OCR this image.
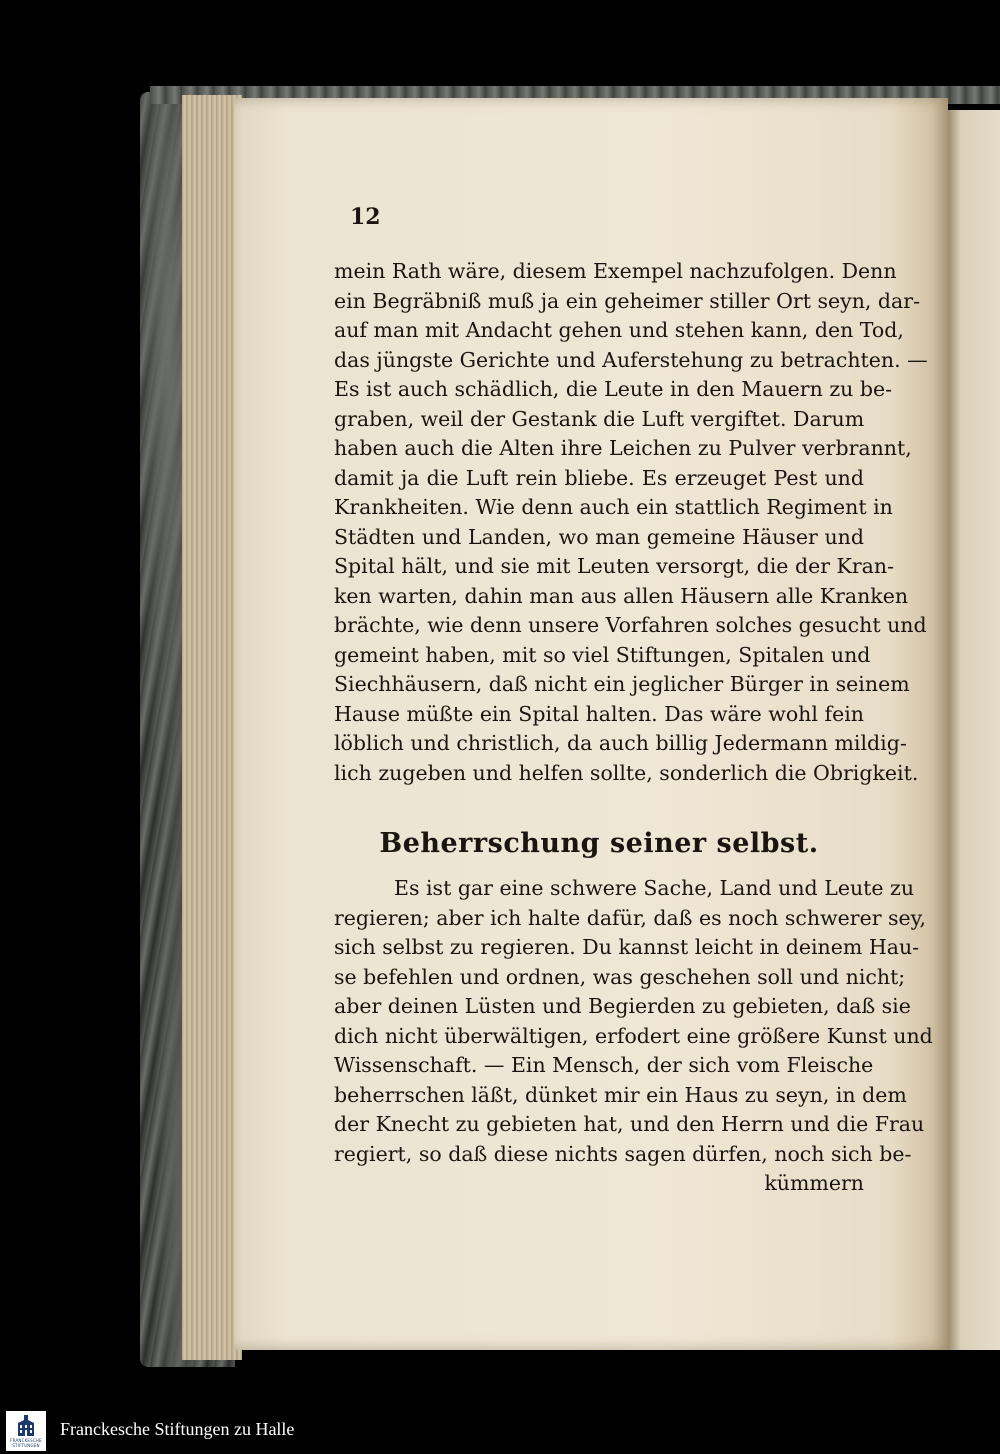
12
mein Rath wäre, diesem Exempel nachzufolgen. Denn
ein Begräbniß muß ja ein geheimer stiller Ort seyn, dar-
auf man mit Andacht gehen und stehen kann, den Tod,
das jüngste Gerichte und Auferstehung zu betrachten. —
Es ist auch schädlich, die Leute in den Mauern zu be-
graben, weil der Gestank die Luft vergiftet. Darum
haben auch die Alten ihre Leichen zu Pulver verbrannt,
damit ja die Luft rein bliebe. Es erzeuget Pest und
Krankheiten. Wie denn auch ein stattlich Regiment in
Städten und Landen, wo man gemeine Häuser und
Spital hält, und sie mit Leuten versorgt, die der Kran-
ken warten, dahin man aus allen Häusern alle Kranken
brächte, wie denn unsere Vorfahren solches gesucht und
gemeint haben, mit so viel Stiftungen, Spitalen und
Siechhäusern, daß nicht ein jeglicher Bürger in seinem
Hause müßte ein Spital halten. Das wäre wohl fein
löblich und christlich, da auch billig Jedermann mildig-
lich zugeben und helfen sollte, sonderlich die Obrigkeit.
Beherrschung seiner selbst.
Es ist gar eine schwere Sache, Land und Leute zu
regieren; aber ich halte dafür, daß es noch schwerer sey,
sich selbst zu regieren. Du kannst leicht in deinem Hau-
se befehlen und ordnen, was geschehen soll und nicht;
aber deinen Lüsten und Begierden zu gebieten, daß sie
dich nicht überwältigen, erfodert eine größere Kunst und
Wissenschaft. — Ein Mensch, der sich vom Fleische
beherrschen läßt, dünket mir ein Haus zu seyn, in dem
der Knecht zu gebieten hat, und den Herrn und die Frau
regiert, so daß diese nichts sagen dürfen, noch sich be-
kümmern
FRANCKESCHE
STIFTUNGEN
Franckesche Stiftungen zu Halle
